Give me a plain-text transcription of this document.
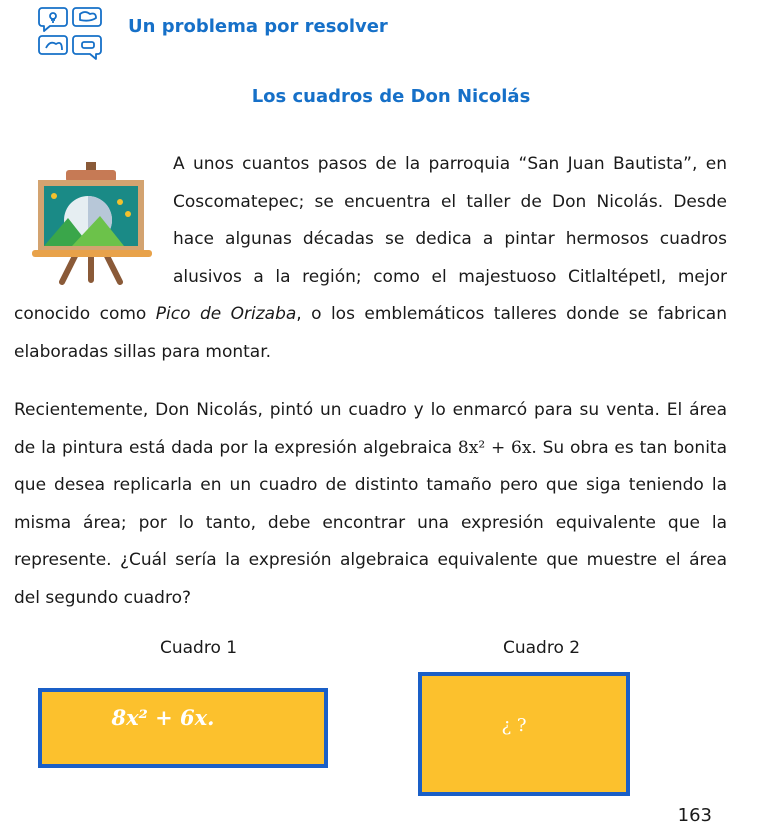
Un problema por resolver
Los cuadros de Don Nicolás
A unos cuantos pasos de la parroquia “San Juan Bautista”, en
Coscomatepec; se encuentra el taller de Don Nicolás. Desde
hace algunas décadas se dedica a pintar hermosos cuadros
alusivos a la región; como el majestuoso Citlaltépetl, mejor
conocido como Pico de Orizaba, o los emblemáticos talleres donde se fabrican
elaboradas sillas para montar.
Recientemente, Don Nicolás, pintó un cuadro y lo enmarcó para su venta. El área
de la pintura está dada por la expresión algebraica 8x² + 6x. Su obra es tan bonita
que desea replicarla en un cuadro de distinto tamaño pero que siga teniendo la
misma área; por lo tanto, debe encontrar una expresión equivalente que la
represente. ¿Cuál sería la expresión algebraica equivalente que muestre el área
del segundo cuadro?
Cuadro 1	Cuadro 2
8x² + 6x.	¿ ?
163
